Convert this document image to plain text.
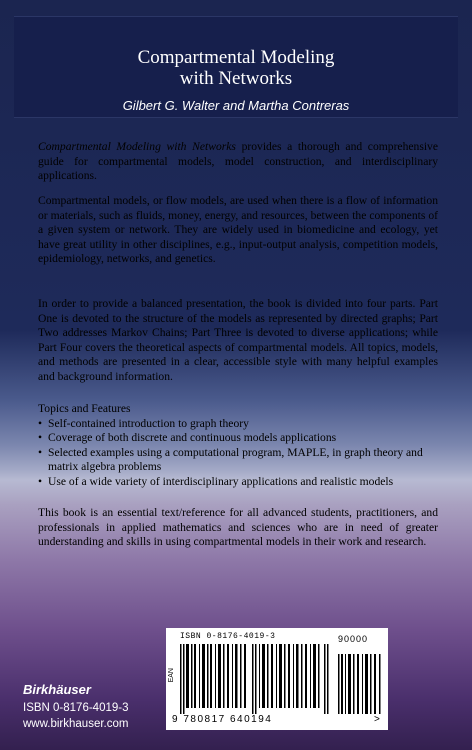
Compartmental Modeling
with Networks
Gilbert G. Walter and Martha Contreras

Compartmental Modeling with Networks provides a thorough and comprehensive guide for compartmental models, model construction, and interdisciplinary applications.

Compartmental models, or flow models, are used when there is a flow of information or materials, such as fluids, money, energy, and resources, between the components of a given system or network. They are widely used in biomedicine and ecology, yet have great utility in other disciplines, e.g., input-output analysis, competition models, epidemiology, networks, and genetics.

In order to provide a balanced presentation, the book is divided into four parts. Part One is devoted to the structure of the models as represented by directed graphs; Part Two addresses Markov Chains; Part Three is devoted to diverse applications; while Part Four covers the theoretical aspects of compartmental models. All topics, models, and methods are presented in a clear, accessible style with many helpful examples and background information.

Topics and Features
• Self-contained introduction to graph theory
• Coverage of both discrete and continuous models applications
• Selected examples using a computational program, MAPLE, in graph theory and matrix algebra problems
• Use of a wide variety of interdisciplinary applications and realistic models

This book is an essential text/reference for all advanced students, practitioners, and professionals in applied mathematics and sciences who are in need of greater understanding and skills in using compartmental models in their work and research.

ISBN 0-8176-4019-3
EAN
90000
9 780817 640194	>
Birkhäuser
ISBN 0-8176-4019-3
www.birkhauser.com
